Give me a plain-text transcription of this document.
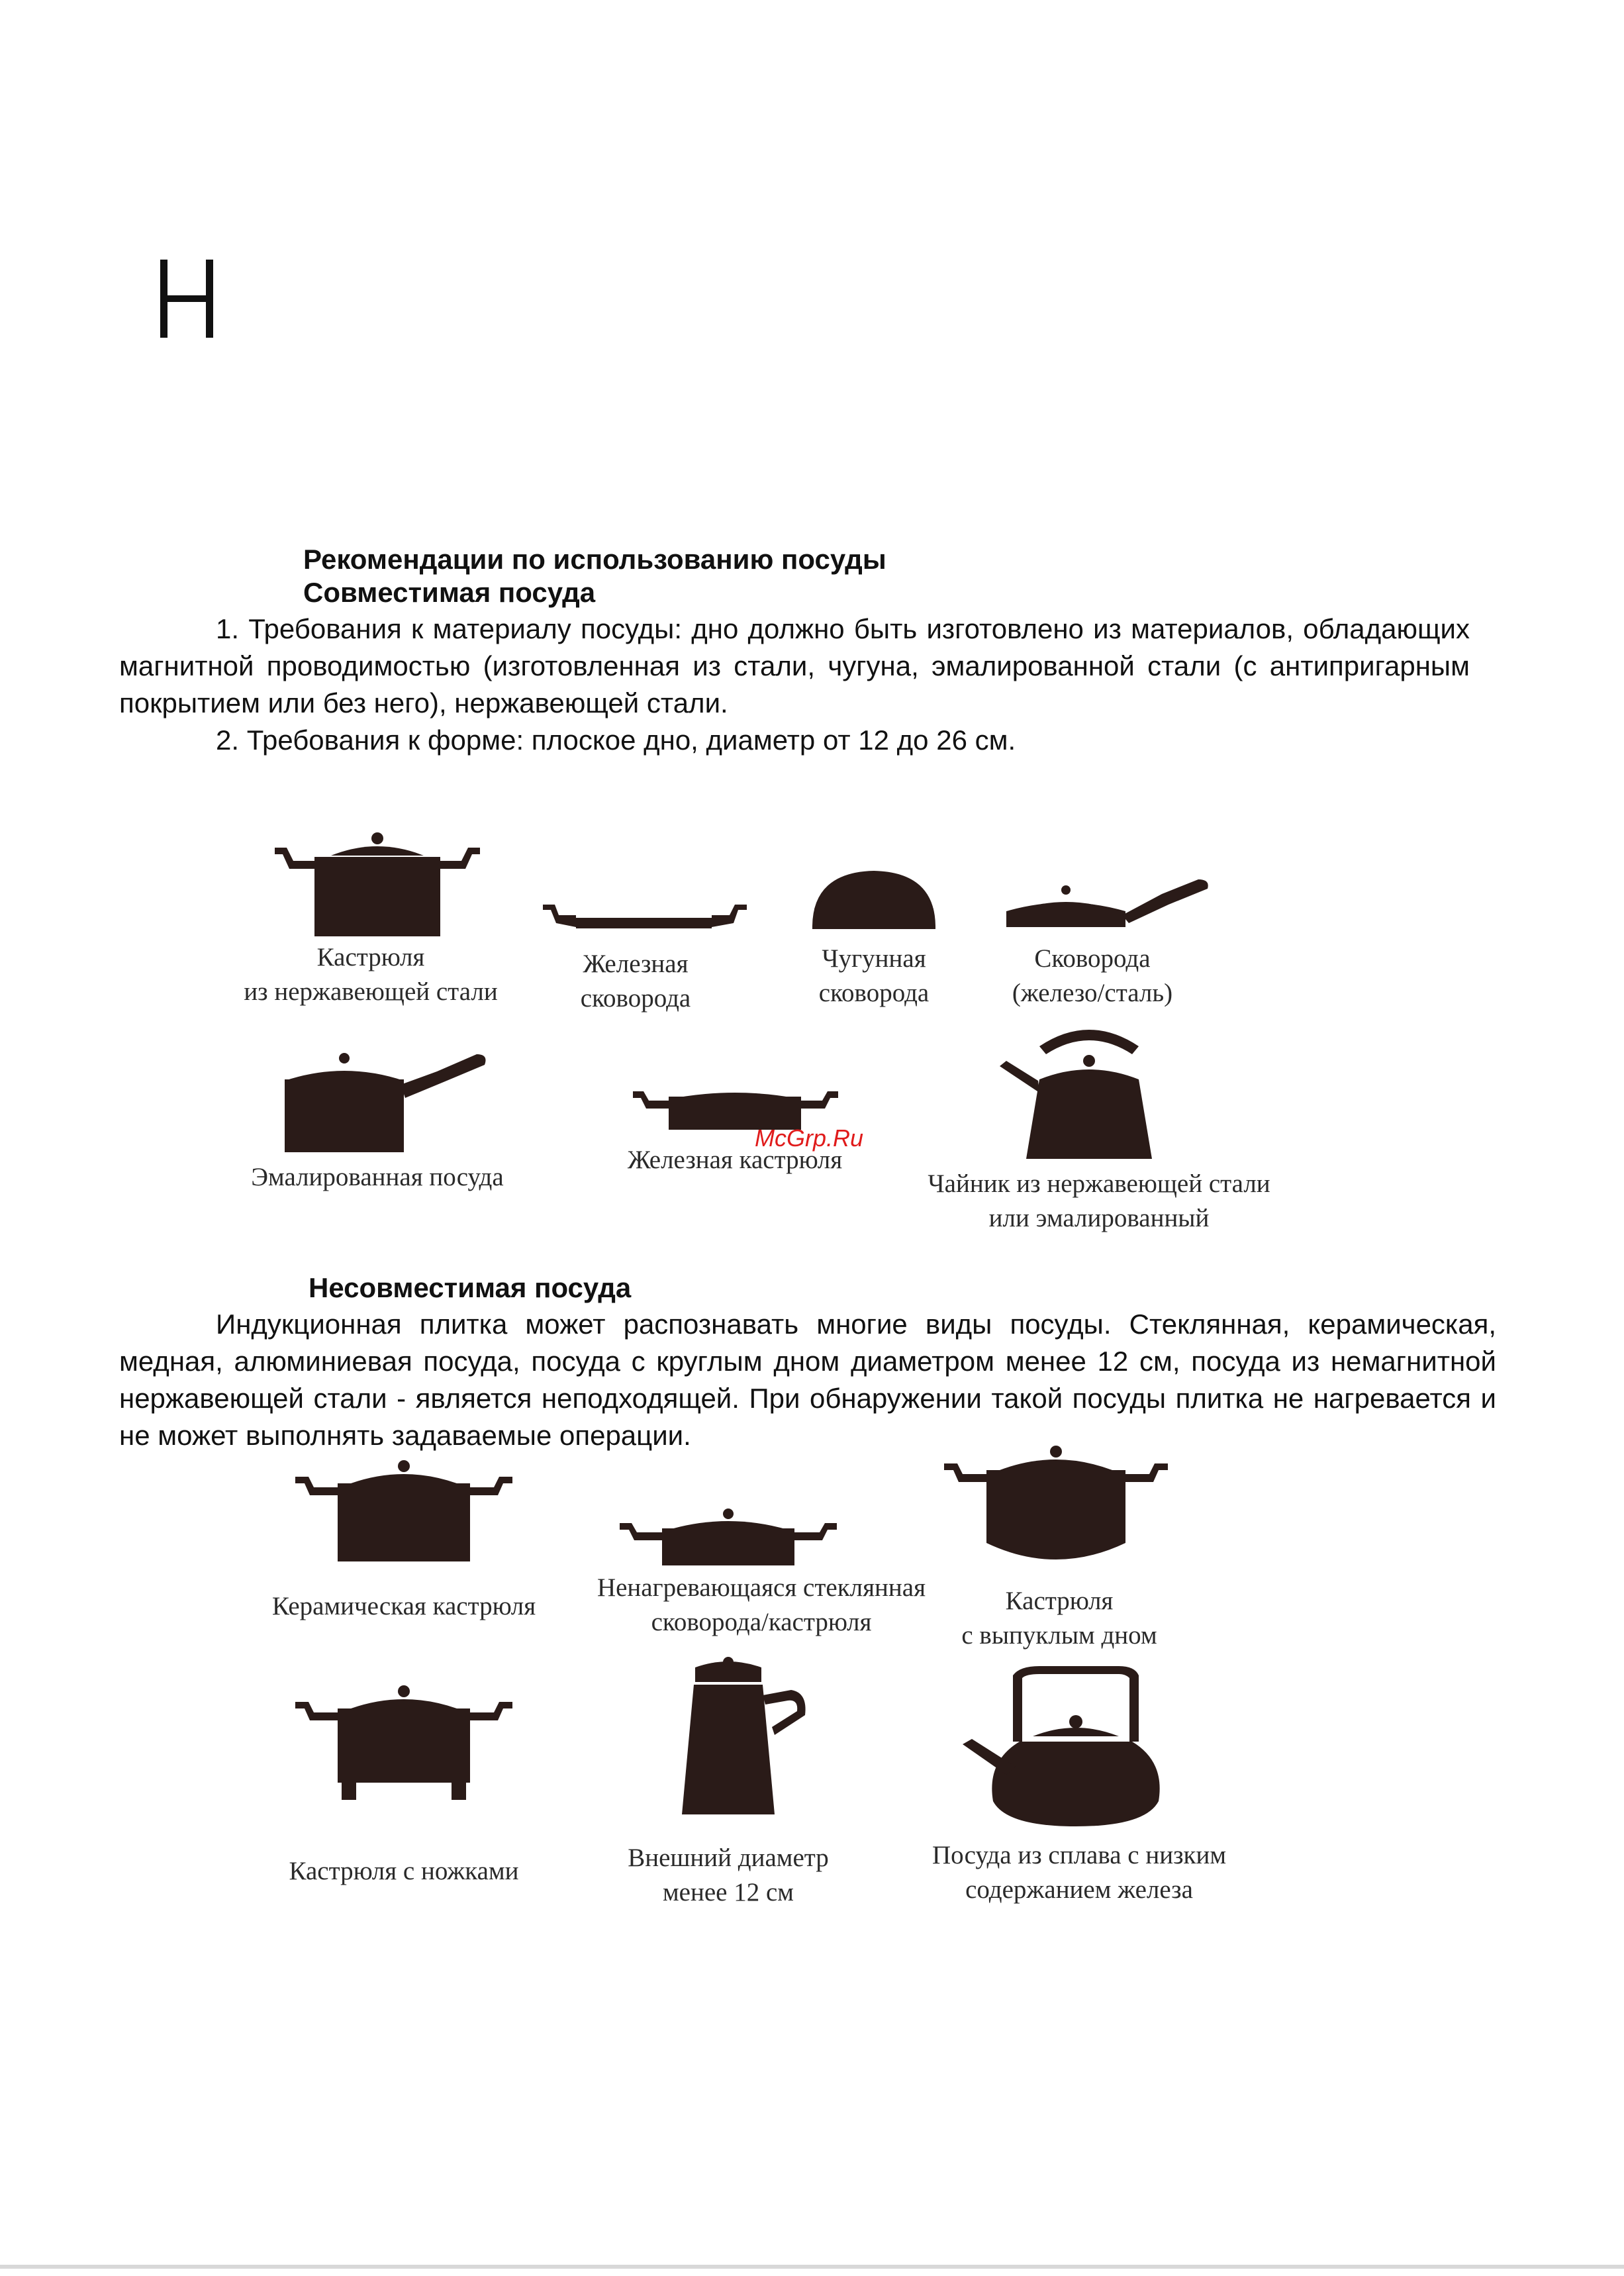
Рекомендации по использованию посуды
Совместимая посуда

1. Требования к материалу посуды: дно должно быть изготовлено из материалов, обладающих магнитной проводимостью (изготовленная из стали, чугуна, эмалированной стали (с антипригарным покрытием или без него), нержавеющей стали.

2. Требования к форме: плоское дно, диаметр от 12 до 26 см.

Кастрюля
из нержавеющей стали
Железная
сковорода
Чугунная
сковорода
Сковорода
(железо/сталь)
Эмалированная посуда
Железная кастрюля
Чайник из нержавеющей стали
или эмалированный
McGrp.Ru
Несовместимая посуда

Индукционная плитка может распознавать многие виды посуды. Стеклянная, керамическая, медная, алюминиевая посуда, посуда с круглым дном диаметром менее 12 см, посуда из немагнитной нержавеющей стали - является неподходящей. При обнаружении такой посуды плитка не нагревается и не может выполнять задаваемые операции.

Керамическая кастрюля
Ненагревающаяся стеклянная
сковорода/кастрюля
Кастрюля
с выпуклым дном
Кастрюля с ножками	Внешний диаметр
менее 12 см
Посуда из сплава с низким
содержанием железа
